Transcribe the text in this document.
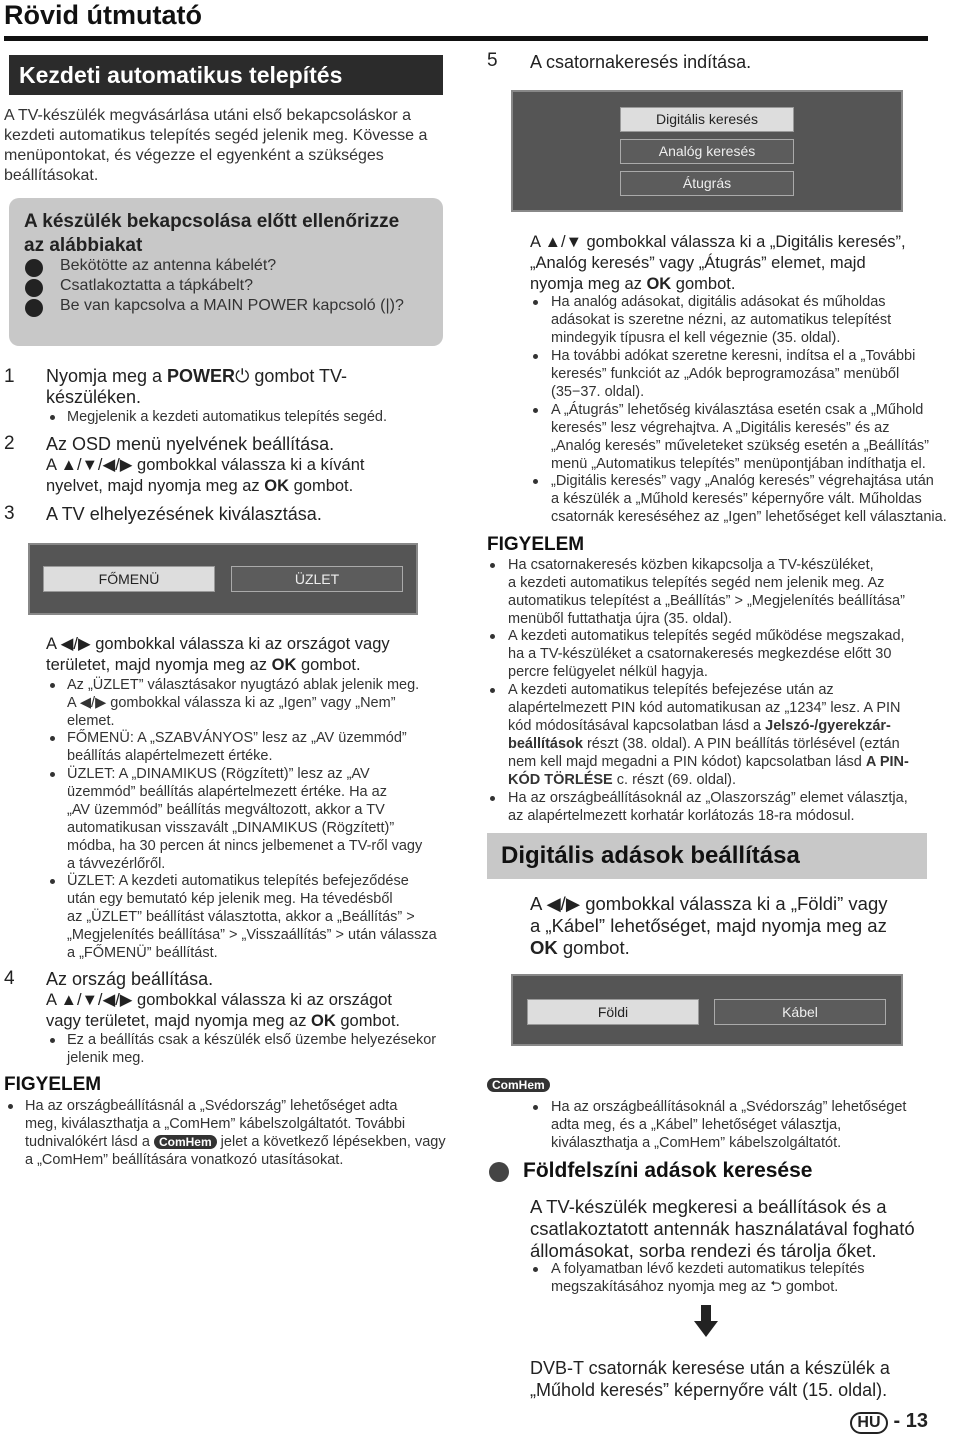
Rövid útmutató
Kezdeti automatikus telepítés
A TV-készülék megvásárlása utáni első bekapcsoláskor a kezdeti automatikus telepítés segéd jelenik meg. Kövesse a menüpontokat, és végezze el egyenként a szükséges beállításokat.
A készülék bekapcsolása előtt ellenőrizze az alábbiakat
Bekötötte az antenna kábelét?
Csatlakoztatta a tápkábelt?
Be van kapcsolva a MAIN POWER kapcsoló (|)?
1 Nyomja meg a POWER⏻ gombot TV-
készüléken.
Megjelenik a kezdeti automatikus telepítés segéd.
2 Az OSD menü nyelvének beállítása.
A ▲/▼/◀/▶ gombokkal válassza ki a kívánt
nyelvet, majd nyomja meg az OK gombot.
3 A TV elhelyezésének kiválasztása.
FŐMENÜ	ÜZLET
A ◀/▶ gombokkal válassza ki az országot vagy
területet, majd nyomja meg az OK gombot.
Az „ÜZLET” választásakor nyugtázó ablak jelenik meg.
A ◀/▶ gombokkal válassza ki az „Igen” vagy „Nem”
elemet.
FŐMENÜ: A „SZABVÁNYOS” lesz az „AV üzemmód”
beállítás alapértelmezett értéke.
ÜZLET: A „DINAMIKUS (Rögzített)” lesz az „AV
üzemmód” beállítás alapértelmezett értéke. Ha az
„AV üzemmód” beállítás megváltozott, akkor a TV
automatikusan visszavált „DINAMIKUS (Rögzített)”
módba, ha 30 percen át nincs jelbemenet a TV-ről vagy
a távvezérlőről.
ÜZLET: A kezdeti automatikus telepítés befejeződése
után egy bemutató kép jelenik meg. Ha tévedésből
az „ÜZLET” beállítást választotta, akkor a „Beállítás” >
„Megjelenítés beállítása” > „Visszaállítás” > után válassza
a „FŐMENÜ” beállítást.
4 Az ország beállítása.
A ▲/▼/◀/▶ gombokkal válassza ki az országot
vagy területet, majd nyomja meg az OK gombot.
Ez a beállítás csak a készülék első üzembe helyezésekor
jelenik meg.
FIGYELEM
Ha az országbeállításnál a „Svédország” lehetőséget adta
meg, kiválaszthatja a „ComHem” kábelszolgáltatót. További
tudnivalókért lásd a ComHem jelet a következő lépésekben, vagy
a „ComHem” beállítására vonatkozó utasításokat.
5 A csatornakeresés indítása.
Digitális keresés
Analóg keresés
Átugrás
A ▲/▼ gombokkal válassza ki a „Digitális keresés”,
„Analóg keresés” vagy „Átugrás” elemet, majd
nyomja meg az OK gombot.
Ha analóg adásokat, digitális adásokat és műholdas
adásokat is szeretne nézni, az automatikus telepítést
mindegyik típusra el kell végeznie (35. oldal).
Ha további adókat szeretne keresni, indítsa el a „További
keresés” funkciót az „Adók beprogramozása” menüből
(35−37. oldal).
A „Átugrás” lehetőség kiválasztása esetén csak a „Műhold
keresés” lesz végrehajtva. A „Digitális keresés” és az
„Analóg keresés” műveleteket szükség esetén a „Beállítás”
menü „Automatikus telepítés” menüpontjában indíthatja el.
„Digitális keresés” vagy „Analóg keresés” végrehajtása után
a készülék a „Műhold keresés” képernyőre vált. Műholdas
csatornák kereséséhez az „Igen” lehetőséget kell választania.
FIGYELEM
Ha csatornakeresés közben kikapcsolja a TV-készüléket,
a kezdeti automatikus telepítés segéd nem jelenik meg. Az
automatikus telepítést a „Beállítás” > „Megjelenítés beállítása”
menüből futtathatja újra (35. oldal).
A kezdeti automatikus telepítés segéd működése megszakad,
ha a TV-készüléket a csatornakeresés megkezdése előtt 30
percre felügyelet nélkül hagyja.
A kezdeti automatikus telepítés befejezése után az
alapértelmezett PIN kód automatikusan az „1234” lesz. A PIN
kód módosításával kapcsolatban lásd a Jelszó-/gyerekzár-
beállítások részt (38. oldal). A PIN beállítás törlésével (eztán
nem kell majd megadni a PIN kódot) kapcsolatban lásd A PIN-
KÓD TÖRLÉSE c. részt (69. oldal).
Ha az országbeállításoknál az „Olaszország” elemet választja,
az alapértelmezett korhatár korlátozás 18-ra módosul.
Digitális adások beállítása
A ◀/▶ gombokkal válassza ki a „Földi” vagy
a „Kábel” lehetőséget, majd nyomja meg az
OK gombot.
Földi	Kábel
ComHem
Ha az országbeállításoknál a „Svédország” lehetőséget
adta meg, és a „Kábel” lehetőséget választja,
kiválaszthatja a „ComHem” kábelszolgáltatót.
Földfelszíni adások keresése
A TV-készülék megkeresi a beállítások és a
csatlakoztatott antennák használatával fogható
állomásokat, sorba rendezi és tárolja őket.
A folyamatban lévő kezdeti automatikus telepítés
megszakításához nyomja meg az ⮌ gombot.
DVB-T csatornák keresése után a készülék a
„Műhold keresés” képernyőre vált (15. oldal).
HU - 13
